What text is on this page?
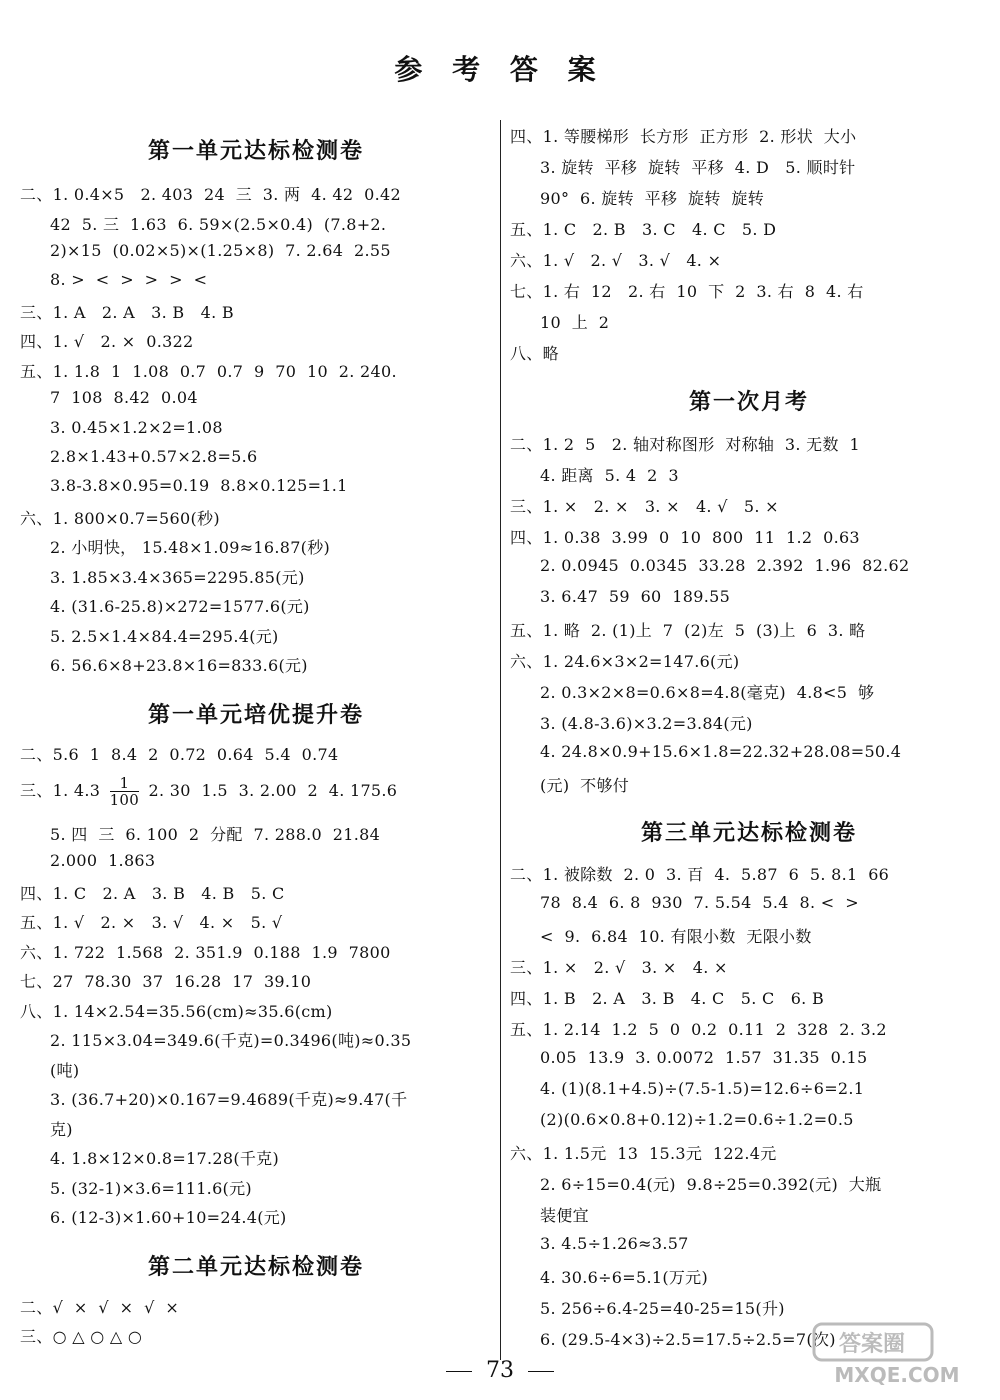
参 考 答 案
第一单元达标检测卷
二、1. 0.4×5   2. 403  24  三  3. 两  4. 42  0.42
42  5. 三  1.63  6. 59×(2.5×0.4)  (7.8+2.
2)×15  (0.02×5)×(1.25×8)  7. 2.64  2.55
8. >  <  >  >  >  <
三、1. A   2. A   3. B   4. B
四、1. √   2. ×  0.322
五、1. 1.8  1  1.08  0.7  0.7  9  70  10  2. 240.
7  108  8.42  0.04
3. 0.45×1.2×2=1.08
2.8×1.43+0.57×2.8=5.6
3.8-3.8×0.95=0.19  8.8×0.125=1.1
六、1. 800×0.7=560(秒)
2. 小明快， 15.48×1.09≈16.87(秒)
3. 1.85×3.4×365=2295.85(元)
4. (31.6-25.8)×272=1577.6(元)
5. 2.5×1.4×84.4=295.4(元)
6. 56.6×8+23.8×16=833.6(元)
第一单元培优提升卷
二、5.6  1  8.4  2  0.72  0.64  5.4  0.74
三、1. $4.3 \frac{1}{100} 2$. 30  1.5  3. 2.00  2  4. 175.6
5. 四  三  6. 100  2  分配  7. 288.0  21.84
2.000  1.863
四、1. C   2. A   3. B   4. B   5. C
五、1. √   2. ×   3. √   4. ×   5. √
六、1. 722  1.568  2. 351.9  0.188  1.9  7800
七、27  78.30  37  16.28  17  39.10
八、1. 14×2.54=35.56(cm)≈35.6(cm)
2. 115×3.04=349.6(千克)=0.3496(吨)≈0.35
(吨)
3. (36.7+20)×0.167=9.4689(千克)≈9.47(千
克)
4. 1.8×12×0.8=17.28(千克)
5. (32-1)×3.6=111.6(元)
6. (12-3)×1.60+10=24.4(元)
第二单元达标检测卷
二、√  ×  √  ×  √  ×
三、○ △ ○ △ ○
四、1. 等腰梯形  长方形  正方形  2. 形状  大小
3. 旋转  平移  旋转  平移  4. D   5. 顺时针
90°  6. 旋转  平移  旋转  旋转
五、1. C   2. B   3. C   4. C   5. D
六、1. √   2. √   3. √   4. ×
七、1. 右  12   2. 右  10  下  2  3. 右  8  4. 右
10  上  2
八、略
第一次月考
二、1. 2  5   2. 轴对称图形  对称轴  3. 无数  1
4. 距离  5. 4  2  3
三、1. ×   2. ×   3. ×   4. √   5. ×
四、1. 0.38  3.99  0  10  800  11  1.2  0.63
2. 0.0945  0.0345  33.28  2.392  1.96  82.62
3. 6.47  59  60  189.55
五、1. 略  2. (1)上  7  (2)左  5  (3)上  6  3. 略
六、1. 24.6×3×2=147.6(元)
2. 0.3×2×8=0.6×8=4.8(毫克)  4.8<5  够
3. (4.8-3.6)×3.2=3.84(元)
4. 24.8×0.9+15.6×1.8=22.32+28.08=50.4
(元)  不够付
第三单元达标检测卷
二、1. 被除数  2. 0  3. 百  4.  5.87  6  5. 8.1  66
78  8.4  6. 8  930  7. 5.54  5.4  8. <  >
<  9.  6.84  10. 有限小数  无限小数
三、1. ×   2. √   3. ×   4. ×
四、1. B   2. A   3. B   4. C   5. C   6. B
五、1. 2.14  1.2  5  0  0.2  0.11  2  328  2. 3.2
0.05  13.9  3. 0.0072  1.57  31.35  0.15
4. (1)(8.1+4.5)÷(7.5-1.5)=12.6÷6=2.1
(2)(0.6×0.8+0.12)÷1.2=0.6÷1.2=0.5
六、1. 1.5元  13  15.3元  122.4元
2. 6÷15=0.4(元)  9.8÷25=0.392(元)  大瓶
装便宜
3. 4.5÷1.26≈3.57
4. 30.6÷6=5.1(万元)
5. 256÷6.4-25=40-25=15(升)
6. (29.5-4×3)÷2.5=17.5÷2.5=7(次)
73
答案圈
MXQE.COM
